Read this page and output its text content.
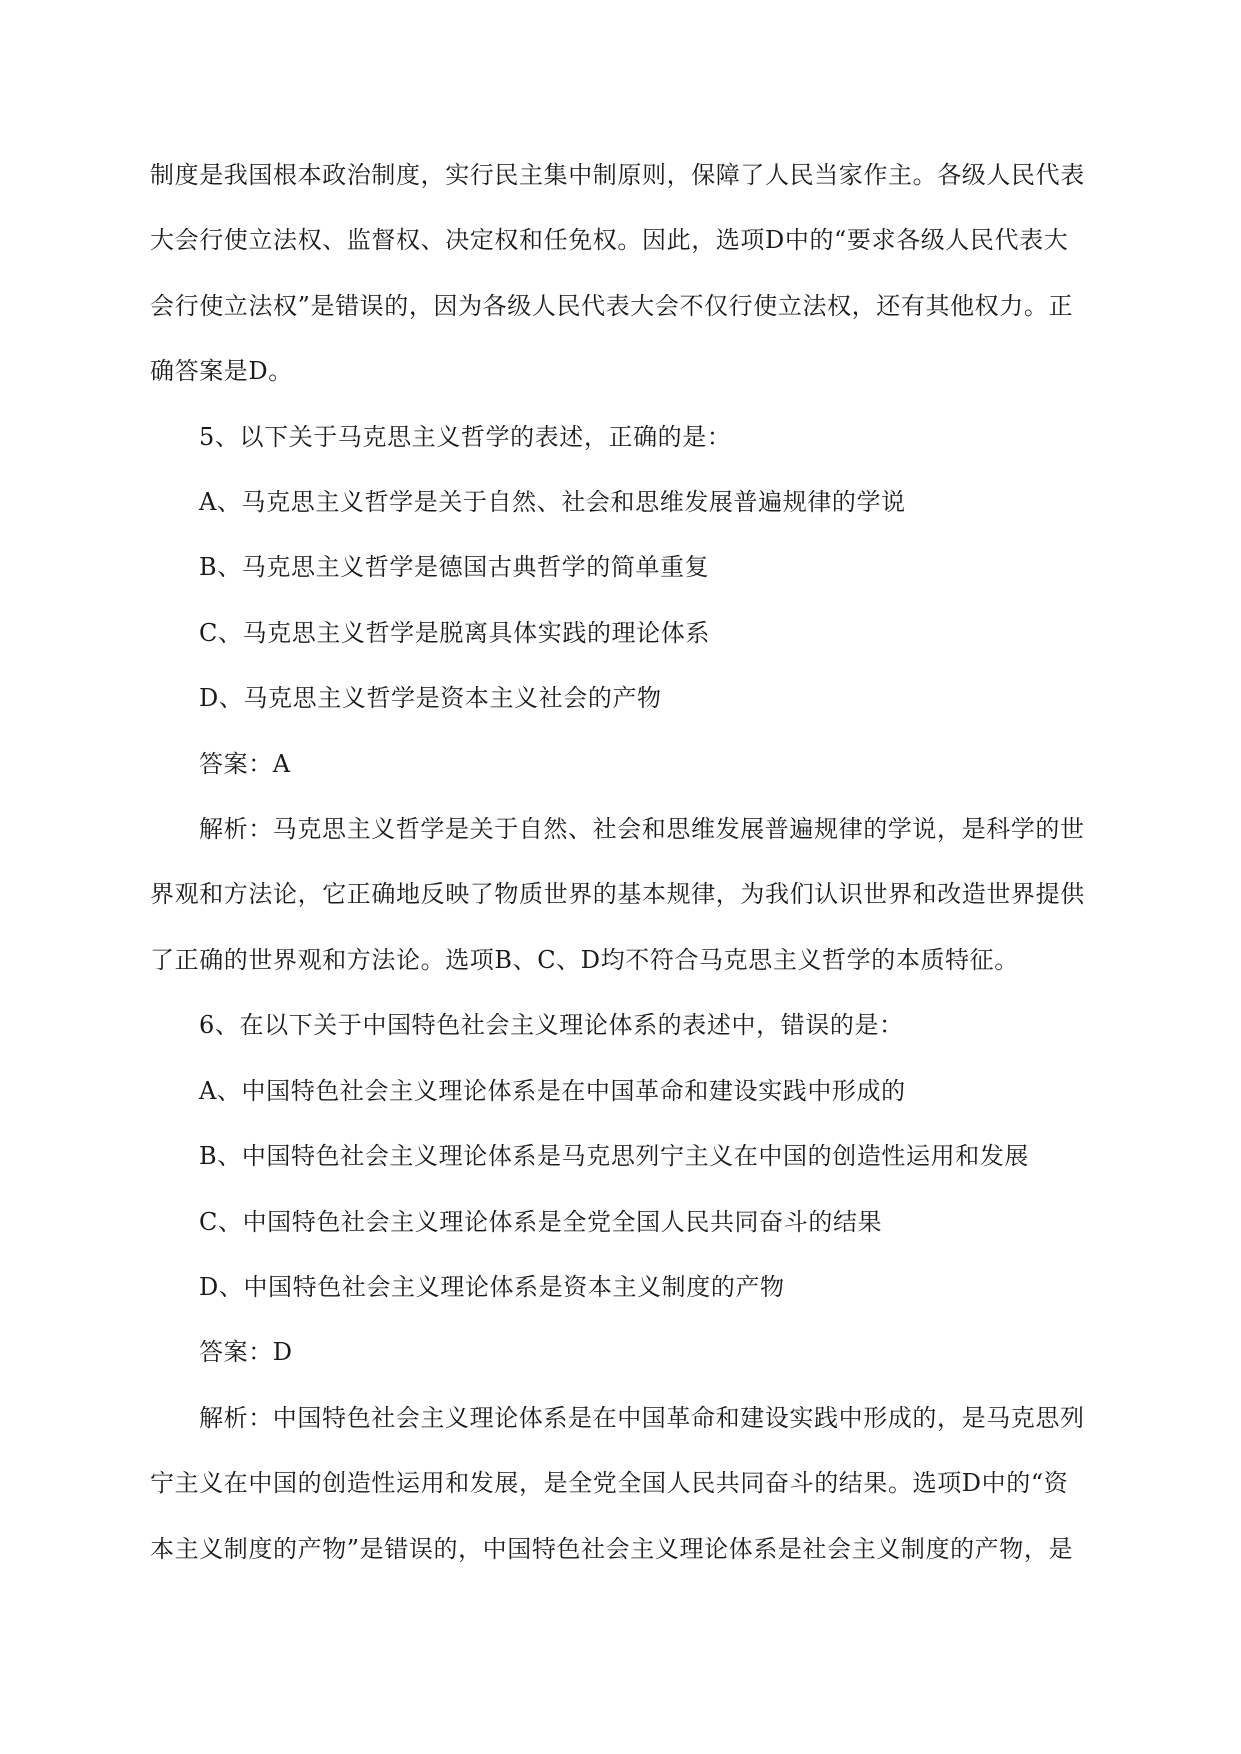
制度是我国根本政治制度，实行民主集中制原则，保障了人民当家作主。各级人民代表
大会行使立法权、监督权、决定权和任免权。因此，选项D中的“要求各级人民代表大
会行使立法权”是错误的，因为各级人民代表大会不仅行使立法权，还有其他权力。正
确答案是D。

5、以下关于马克思主义哲学的表述，正确的是：

A、马克思主义哲学是关于自然、社会和思维发展普遍规律的学说

B、马克思主义哲学是德国古典哲学的简单重复

C、马克思主义哲学是脱离具体实践的理论体系

D、马克思主义哲学是资本主义社会的产物

答案：A

解析：马克思主义哲学是关于自然、社会和思维发展普遍规律的学说，是科学的世
界观和方法论，它正确地反映了物质世界的基本规律，为我们认识世界和改造世界提供
了正确的世界观和方法论。选项B、C、D均不符合马克思主义哲学的本质特征。

6、在以下关于中国特色社会主义理论体系的表述中，错误的是：

A、中国特色社会主义理论体系是在中国革命和建设实践中形成的

B、中国特色社会主义理论体系是马克思列宁主义在中国的创造性运用和发展

C、中国特色社会主义理论体系是全党全国人民共同奋斗的结果

D、中国特色社会主义理论体系是资本主义制度的产物

答案：D

解析：中国特色社会主义理论体系是在中国革命和建设实践中形成的，是马克思列
宁主义在中国的创造性运用和发展，是全党全国人民共同奋斗的结果。选项D中的“资
本主义制度的产物”是错误的，中国特色社会主义理论体系是社会主义制度的产物，是
